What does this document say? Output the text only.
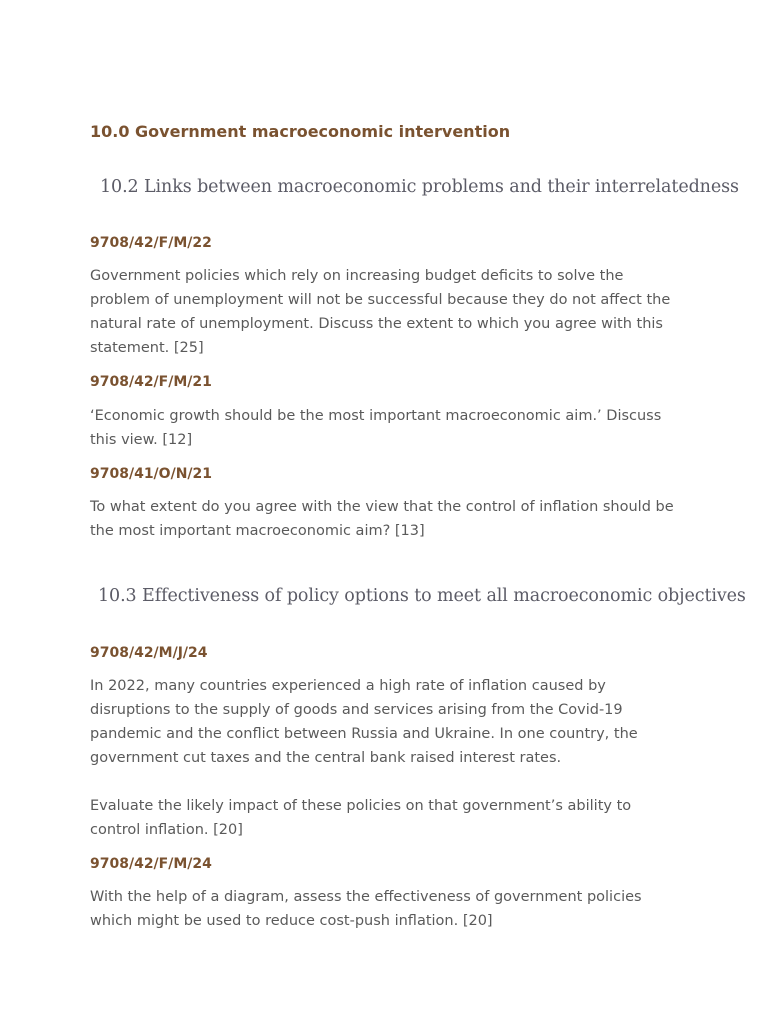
10.0 Government macroeconomic intervention
10.2 Links between macroeconomic problems and their interrelatedness

9708/42/F/M/22

Government policies which rely on increasing budget deficits to solve the problem of unemployment will not be successful because they do not affect the natural rate of unemployment. Discuss the extent to which you agree with this statement. [25]

9708/42/F/M/21

‘Economic growth should be the most important macroeconomic aim.’ Discuss this view. [12]

9708/41/O/N/21

To what extent do you agree with the view that the control of inflation should be the most important macroeconomic aim? [13]

10.3 Effectiveness of policy options to meet all macroeconomic objectives

9708/42/M/J/24

In 2022, many countries experienced a high rate of inflation caused by disruptions to the supply of goods and services arising from the Covid-19 pandemic and the conflict between Russia and Ukraine. In one country, the government cut taxes and the central bank raised interest rates.

Evaluate the likely impact of these policies on that government’s ability to control inflation. [20]

9708/42/F/M/24

With the help of a diagram, assess the effectiveness of government policies which might be used to reduce cost-push inflation. [20]
